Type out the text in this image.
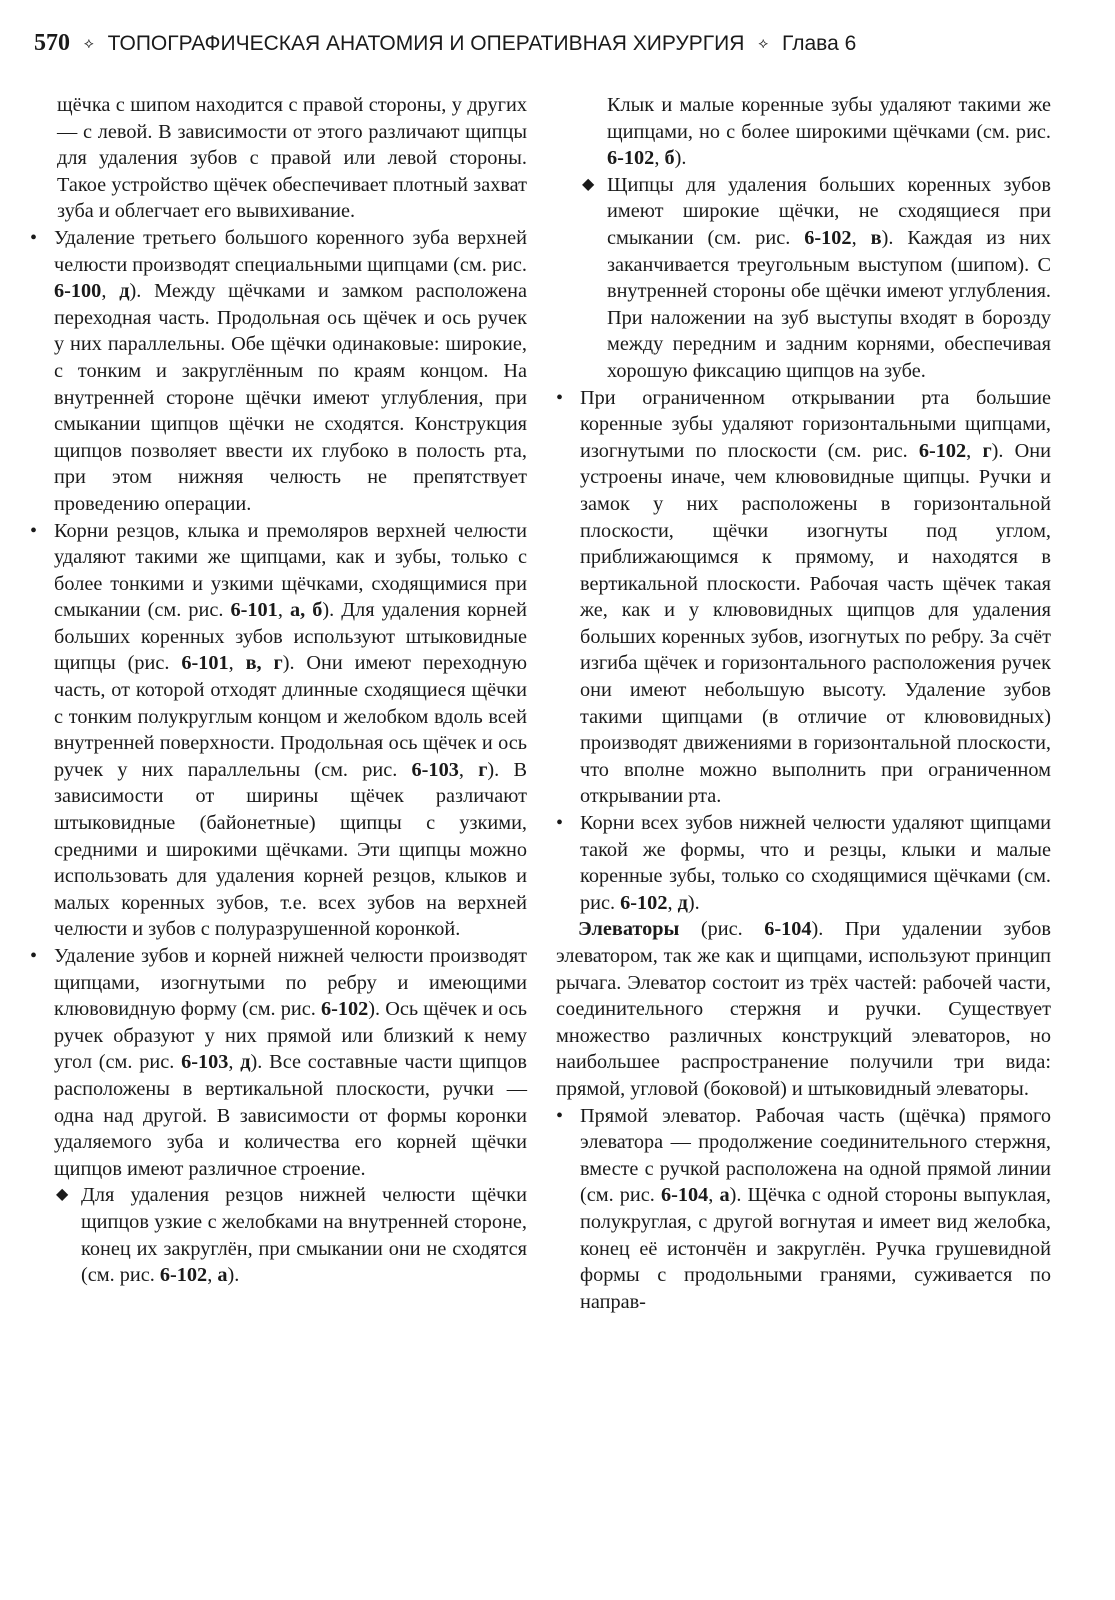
570 ⟡ ТОПОГРАФИЧЕСКАЯ АНАТОМИЯ И ОПЕРАТИВНАЯ ХИРУРГИЯ ⟡ Глава 6

щёчка с шипом находится с правой стороны, у других — с левой. В зависимости от этого различают щипцы для удаления зубов с правой или левой стороны. Такое устройство щёчек обеспечивает плотный захват зуба и облегчает его вывихивание.

• Удаление третьего большого коренного зуба верхней челюсти производят специальными щипцами (см. рис. 6-100, д). Между щёчками и замком расположена переходная часть. Продольная ось щёчек и ось ручек у них параллельны. Обе щёчки одинаковые: широкие, с тонким и закруглённым по краям концом. На внутренней стороне щёчки имеют углубления, при смыкании щипцов щёчки не сходятся. Конструкция щипцов позволяет ввести их глубоко в полость рта, при этом нижняя челюсть не препятствует проведению операции.

• Корни резцов, клыка и премоляров верхней челюсти удаляют такими же щипцами, как и зубы, только с более тонкими и узкими щёчками, сходящимися при смыкании (см. рис. 6-101, а, б). Для удаления корней больших коренных зубов используют штыковидные щипцы (рис. 6-101, в, г). Они имеют переходную часть, от которой отходят длинные сходящиеся щёчки с тонким полукруглым концом и желобком вдоль всей внутренней поверхности. Продольная ось щёчек и ось ручек у них параллельны (см. рис. 6-103, г). В зависимости от ширины щёчек различают штыковидные (байонетные) щипцы с узкими, средними и широкими щёчками. Эти щипцы можно использовать для удаления корней резцов, клыков и малых коренных зубов, т.е. всех зубов на верхней челюсти и зубов с полуразрушенной коронкой.

• Удаление зубов и корней нижней челюсти производят щипцами, изогнутыми по ребру и имеющими клювовидную форму (см. рис. 6-102). Ось щёчек и ось ручек образуют у них прямой или близкий к нему угол (см. рис. 6-103, д). Все составные части щипцов расположены в вертикальной плоскости, ручки — одна над другой. В зависимости от формы коронки удаляемого зуба и количества его корней щёчки щипцов имеют различное строение.

◆ Для удаления резцов нижней челюсти щёчки щипцов узкие с желобками на внутренней стороне, конец их закруглён, при смыкании они не сходятся (см. рис. 6-102, а).

Клык и малые коренные зубы удаляют такими же щипцами, но с более широкими щёчками (см. рис. 6-102, б).

◆ Щипцы для удаления больших коренных зубов имеют широкие щёчки, не сходящиеся при смыкании (см. рис. 6-102, в). Каждая из них заканчивается треугольным выступом (шипом). С внутренней стороны обе щёчки имеют углубления. При наложении на зуб выступы входят в борозду между передним и задним корнями, обеспечивая хорошую фиксацию щипцов на зубе.

• При ограниченном открывании рта большие коренные зубы удаляют горизонтальными щипцами, изогнутыми по плоскости (см. рис. 6-102, г). Они устроены иначе, чем клювовидные щипцы. Ручки и замок у них расположены в горизонтальной плоскости, щёчки изогнуты под углом, приближающимся к прямому, и находятся в вертикальной плоскости. Рабочая часть щёчек такая же, как и у клювовидных щипцов для удаления больших коренных зубов, изогнутых по ребру. За счёт изгиба щёчек и горизонтального расположения ручек они имеют небольшую высоту. Удаление зубов такими щипцами (в отличие от клювовидных) производят движениями в горизонтальной плоскости, что вполне можно выполнить при ограниченном открывании рта.

• Корни всех зубов нижней челюсти удаляют щипцами такой же формы, что и резцы, клыки и малые коренные зубы, только со сходящимися щёчками (см. рис. 6-102, д).

Элеваторы (рис. 6-104). При удалении зубов элеватором, так же как и щипцами, используют принцип рычага. Элеватор состоит из трёх частей: рабочей части, соединительного стержня и ручки. Существует множество различных конструкций элеваторов, но наибольшее распространение получили три вида: прямой, угловой (боковой) и штыковидный элеваторы.

• Прямой элеватор. Рабочая часть (щёчка) прямого элеватора — продолжение соединительного стержня, вместе с ручкой расположена на одной прямой линии (см. рис. 6-104, а). Щёчка с одной стороны выпуклая, полукруглая, с другой вогнутая и имеет вид желобка, конец её истончён и закруглён. Ручка грушевидной формы с продольными гранями, суживается по направ-
